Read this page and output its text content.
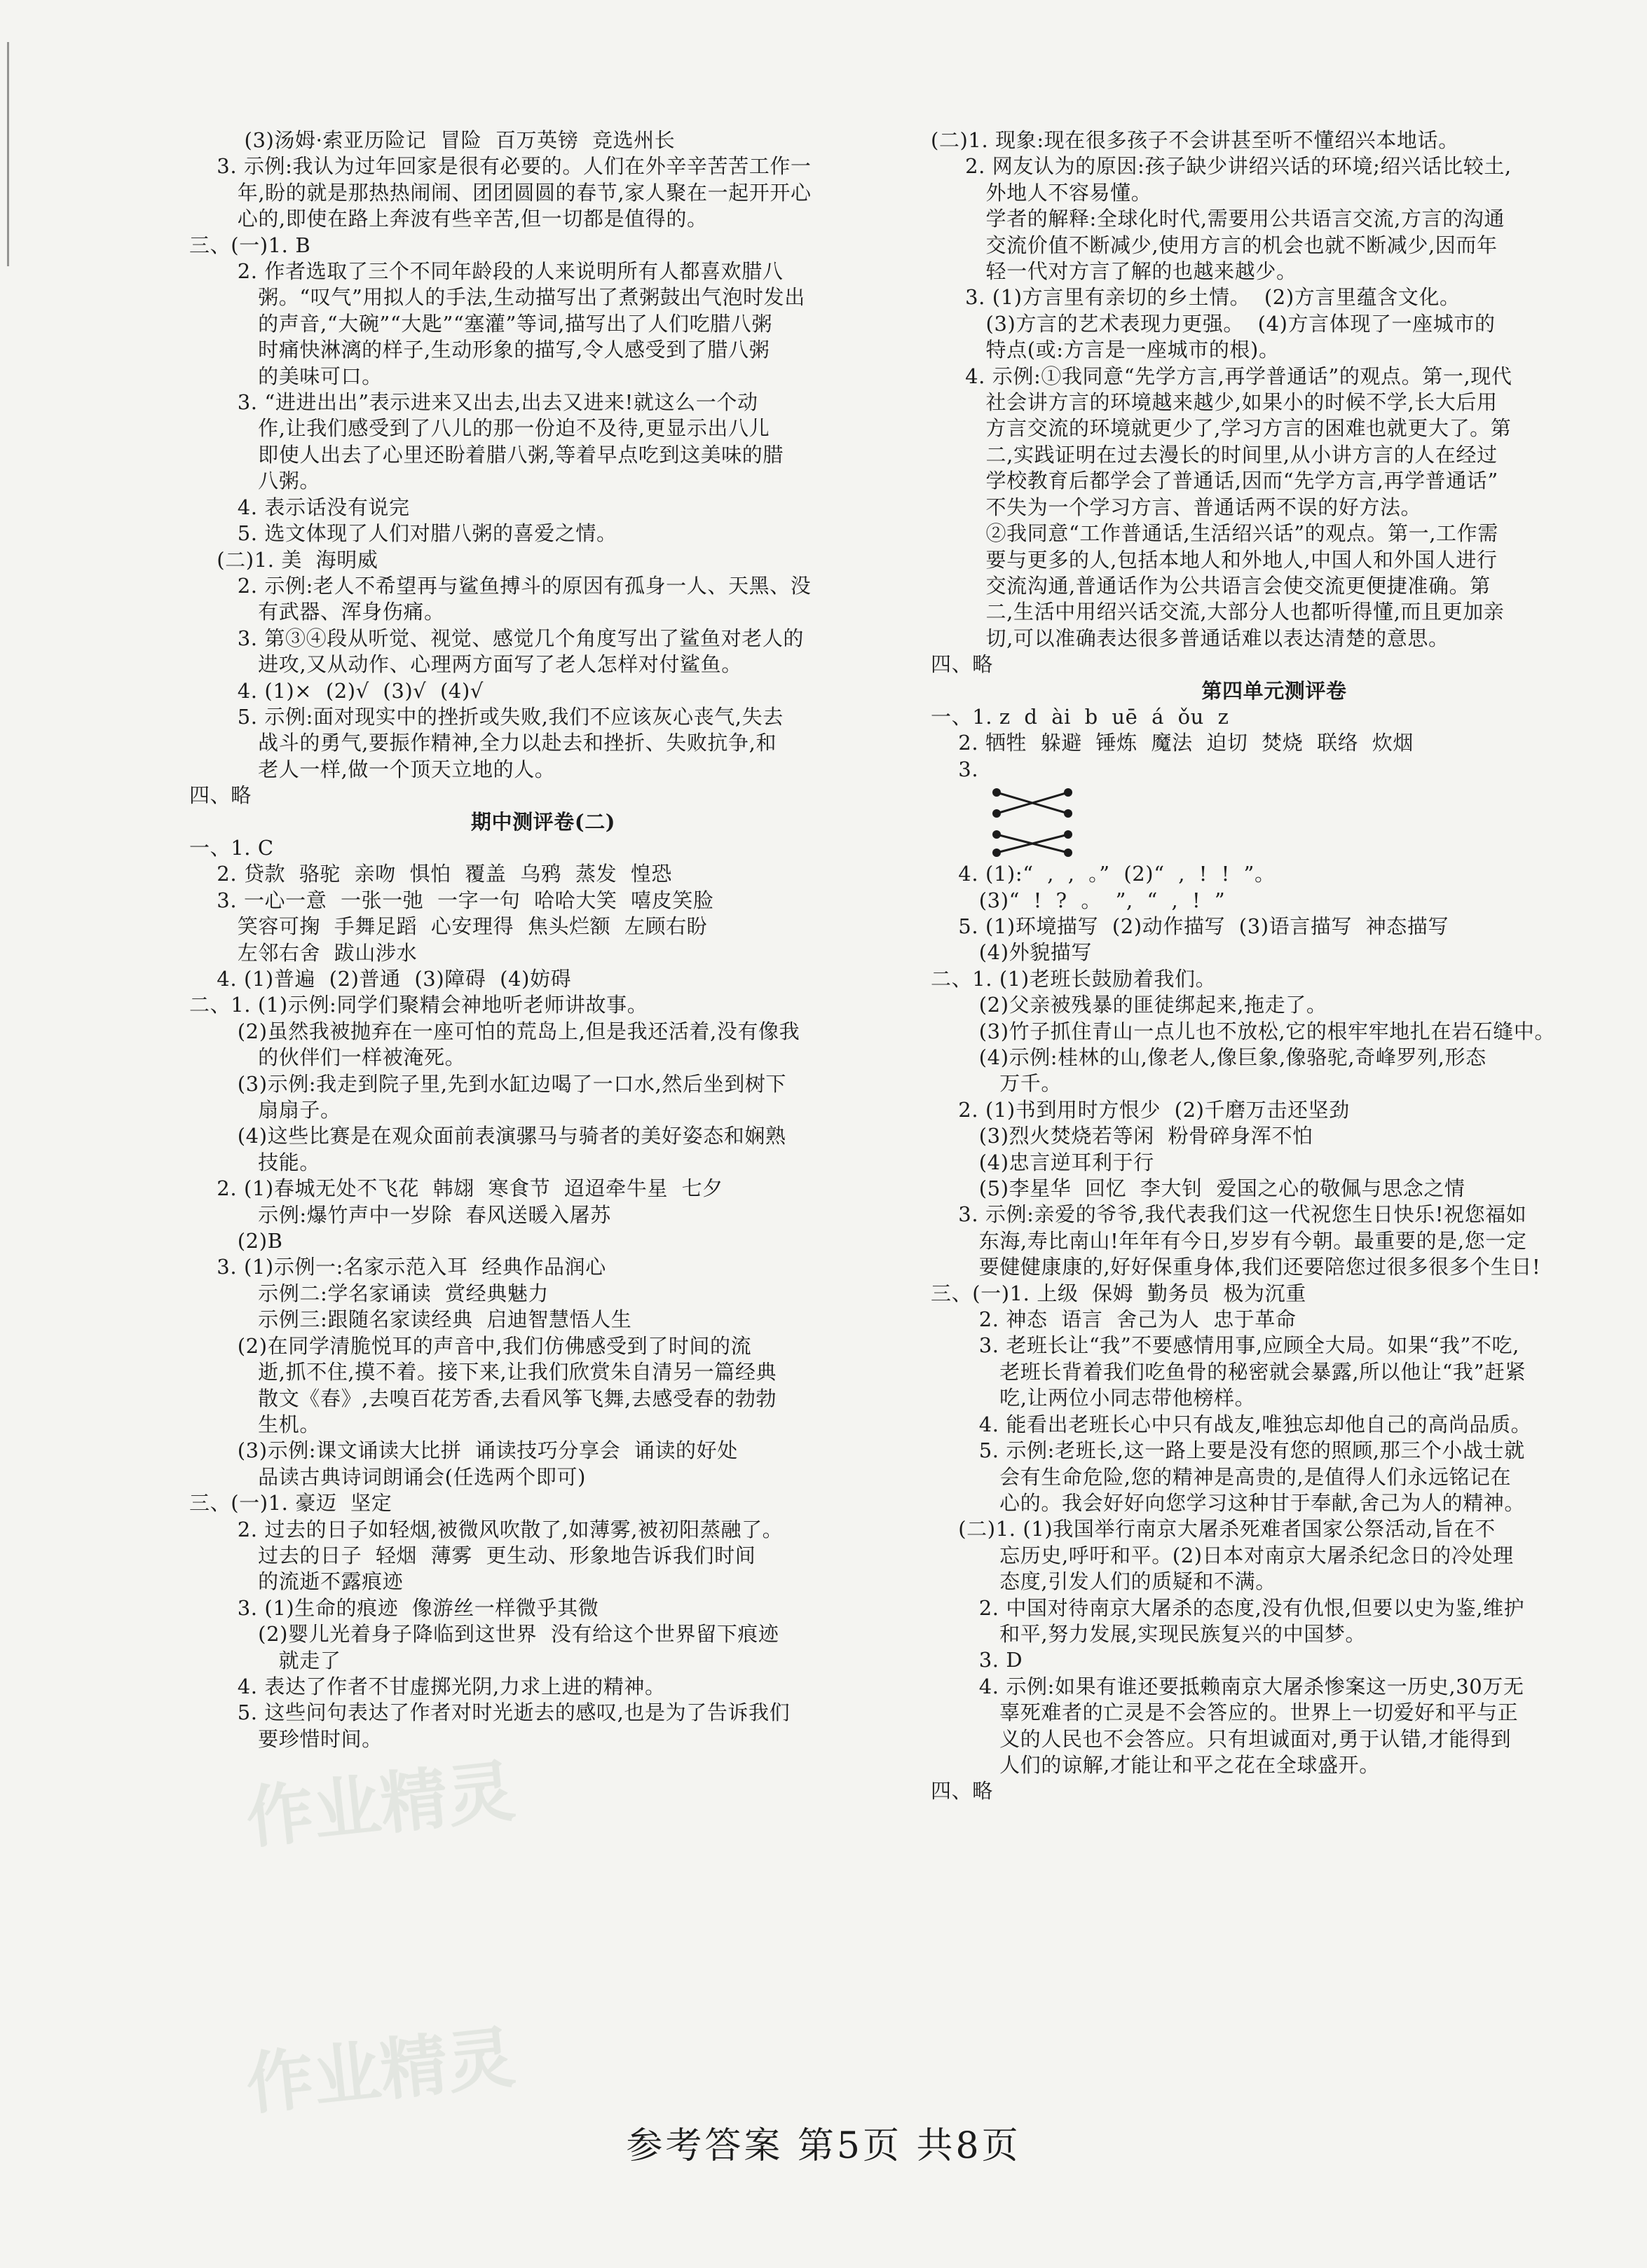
(3)汤姆·索亚历险记  冒险  百万英镑  竞选州长
3. 示例:我认为过年回家是很有必要的。人们在外辛辛苦苦工作一
年,盼的就是那热热闹闹、团团圆圆的春节,家人聚在一起开开心
心的,即使在路上奔波有些辛苦,但一切都是值得的。
三、(一)1. B
2. 作者选取了三个不同年龄段的人来说明所有人都喜欢腊八
粥。“叹气”用拟人的手法,生动描写出了煮粥鼓出气泡时发出
的声音,“大碗”“大匙”“塞灌”等词,描写出了人们吃腊八粥
时痛快淋漓的样子,生动形象的描写,令人感受到了腊八粥
的美味可口。
3. “进进出出”表示进来又出去,出去又进来!就这么一个动
作,让我们感受到了八儿的那一份迫不及待,更显示出八儿
即使人出去了心里还盼着腊八粥,等着早点吃到这美味的腊
八粥。
4. 表示话没有说完
5. 选文体现了人们对腊八粥的喜爱之情。
(二)1. 美  海明威
2. 示例:老人不希望再与鲨鱼搏斗的原因有孤身一人、天黑、没
有武器、浑身伤痛。
3. 第③④段从听觉、视觉、感觉几个角度写出了鲨鱼对老人的
进攻,又从动作、心理两方面写了老人怎样对付鲨鱼。
4. (1)×  (2)√  (3)√  (4)√
5. 示例:面对现实中的挫折或失败,我们不应该灰心丧气,失去
战斗的勇气,要振作精神,全力以赴去和挫折、失败抗争,和
老人一样,做一个顶天立地的人。
四、略
期中测评卷(二)
一、1. C
2. 贷款  骆驼  亲吻  惧怕  覆盖  乌鸦  蒸发  惶恐
3. 一心一意  一张一弛  一字一句  哈哈大笑  嘻皮笑脸
笑容可掬  手舞足蹈  心安理得  焦头烂额  左顾右盼
左邻右舍  跋山涉水
4. (1)普遍  (2)普通  (3)障碍  (4)妨碍
二、1. (1)示例:同学们聚精会神地听老师讲故事。
(2)虽然我被抛弃在一座可怕的荒岛上,但是我还活着,没有像我
的伙伴们一样被淹死。
(3)示例:我走到院子里,先到水缸边喝了一口水,然后坐到树下
扇扇子。
(4)这些比赛是在观众面前表演骡马与骑者的美好姿态和娴熟
技能。
2. (1)春城无处不飞花  韩翃  寒食节  迢迢牵牛星  七夕
示例:爆竹声中一岁除  春风送暖入屠苏
(2)B
3. (1)示例一:名家示范入耳  经典作品润心
示例二:学名家诵读  赏经典魅力
示例三:跟随名家读经典  启迪智慧悟人生
(2)在同学清脆悦耳的声音中,我们仿佛感受到了时间的流
逝,抓不住,摸不着。接下来,让我们欣赏朱自清另一篇经典
散文《春》,去嗅百花芳香,去看风筝飞舞,去感受春的勃勃
生机。
(3)示例:课文诵读大比拼  诵读技巧分享会  诵读的好处
品读古典诗词朗诵会(任选两个即可)
三、(一)1. 豪迈  坚定
2. 过去的日子如轻烟,被微风吹散了,如薄雾,被初阳蒸融了。
过去的日子  轻烟  薄雾  更生动、形象地告诉我们时间
的流逝不露痕迹
3. (1)生命的痕迹  像游丝一样微乎其微
(2)婴儿光着身子降临到这世界  没有给这个世界留下痕迹
就走了
4. 表达了作者不甘虚掷光阴,力求上进的精神。
5. 这些问句表达了作者对时光逝去的感叹,也是为了告诉我们
要珍惜时间。
(二)1. 现象:现在很多孩子不会讲甚至听不懂绍兴本地话。
2. 网友认为的原因:孩子缺少讲绍兴话的环境;绍兴话比较土,
外地人不容易懂。
学者的解释:全球化时代,需要用公共语言交流,方言的沟通
交流价值不断减少,使用方言的机会也就不断减少,因而年
轻一代对方言了解的也越来越少。
3. (1)方言里有亲切的乡土情。  (2)方言里蕴含文化。
(3)方言的艺术表现力更强。  (4)方言体现了一座城市的
特点(或:方言是一座城市的根)。
4. 示例:①我同意“先学方言,再学普通话”的观点。第一,现代
社会讲方言的环境越来越少,如果小的时候不学,长大后用
方言交流的环境就更少了,学习方言的困难也就更大了。第
二,实践证明在过去漫长的时间里,从小讲方言的人在经过
学校教育后都学会了普通话,因而“先学方言,再学普通话”
不失为一个学习方言、普通话两不误的好方法。
②我同意“工作普通话,生活绍兴话”的观点。第一,工作需
要与更多的人,包括本地人和外地人,中国人和外国人进行
交流沟通,普通话作为公共语言会使交流更便捷准确。第
二,生活中用绍兴话交流,大部分人也都听得懂,而且更加亲
切,可以准确表达很多普通话难以表达清楚的意思。
四、略
第四单元测评卷
一、1. z  d  ài  b  uē  á  ǒu  z
2. 牺牲  躲避  锤炼  魔法  迫切  焚烧  联络  炊烟
3.
4. (1):“  ,  ,  。”  (2)“  ,  !  !  ”。
(3)“  !  ?  。  ”,  “  ,  !  ”
5. (1)环境描写  (2)动作描写  (3)语言描写  神态描写
(4)外貌描写
二、1. (1)老班长鼓励着我们。
(2)父亲被残暴的匪徒绑起来,拖走了。
(3)竹子抓住青山一点儿也不放松,它的根牢牢地扎在岩石缝中。
(4)示例:桂林的山,像老人,像巨象,像骆驼,奇峰罗列,形态
万千。
2. (1)书到用时方恨少  (2)千磨万击还坚劲
(3)烈火焚烧若等闲  粉骨碎身浑不怕
(4)忠言逆耳利于行
(5)李星华  回忆  李大钊  爱国之心的敬佩与思念之情
3. 示例:亲爱的爷爷,我代表我们这一代祝您生日快乐!祝您福如
东海,寿比南山!年年有今日,岁岁有今朝。最重要的是,您一定
要健健康康的,好好保重身体,我们还要陪您过很多很多个生日!
三、(一)1. 上级  保姆  勤务员  极为沉重
2. 神态  语言  舍己为人  忠于革命
3. 老班长让“我”不要感情用事,应顾全大局。如果“我”不吃,
老班长背着我们吃鱼骨的秘密就会暴露,所以他让“我”赶紧
吃,让两位小同志带他榜样。
4. 能看出老班长心中只有战友,唯独忘却他自己的高尚品质。
5. 示例:老班长,这一路上要是没有您的照顾,那三个小战士就
会有生命危险,您的精神是高贵的,是值得人们永远铭记在
心的。我会好好向您学习这种甘于奉献,舍己为人的精神。
(二)1. (1)我国举行南京大屠杀死难者国家公祭活动,旨在不
忘历史,呼吁和平。(2)日本对南京大屠杀纪念日的冷处理
态度,引发人们的质疑和不满。
2. 中国对待南京大屠杀的态度,没有仇恨,但要以史为鉴,维护
和平,努力发展,实现民族复兴的中国梦。
3. D
4. 示例:如果有谁还要抵赖南京大屠杀惨案这一历史,30万无
辜死难者的亡灵是不会答应的。世界上一切爱好和平与正
义的人民也不会答应。只有坦诚面对,勇于认错,才能得到
人们的谅解,才能让和平之花在全球盛开。
四、略
参考答案 第5页 共8页
作业精灵
作业精灵
